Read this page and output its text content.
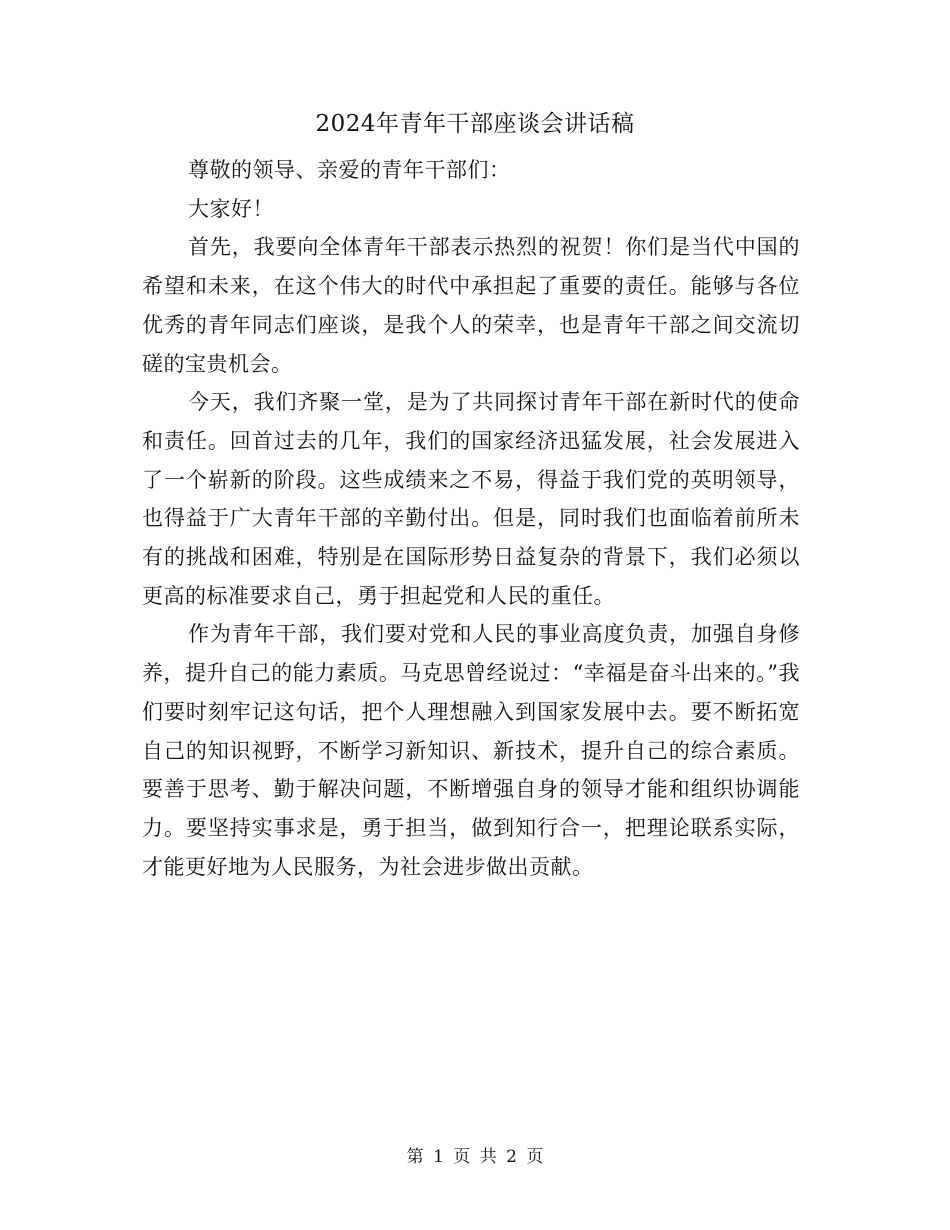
2024年青年干部座谈会讲话稿

尊敬的领导、亲爱的青年干部们：

大家好！

首先，我要向全体青年干部表示热烈的祝贺！你们是当代中国的希望和未来，在这个伟大的时代中承担起了重要的责任。能够与各位优秀的青年同志们座谈，是我个人的荣幸，也是青年干部之间交流切磋的宝贵机会。

今天，我们齐聚一堂，是为了共同探讨青年干部在新时代的使命和责任。回首过去的几年，我们的国家经济迅猛发展，社会发展进入了一个崭新的阶段。这些成绩来之不易，得益于我们党的英明领导，也得益于广大青年干部的辛勤付出。但是，同时我们也面临着前所未有的挑战和困难，特别是在国际形势日益复杂的背景下，我们必须以更高的标准要求自己，勇于担起党和人民的重任。

作为青年干部，我们要对党和人民的事业高度负责，加强自身修养，提升自己的能力素质。马克思曾经说过：“幸福是奋斗出来的。”我们要时刻牢记这句话，把个人理想融入到国家发展中去。要不断拓宽自己的知识视野，不断学习新知识、新技术，提升自己的综合素质。要善于思考、勤于解决问题，不断增强自身的领导才能和组织协调能力。要坚持实事求是，勇于担当，做到知行合一，把理论联系实际，才能更好地为人民服务，为社会进步做出贡献。

第 1 页 共 2 页
